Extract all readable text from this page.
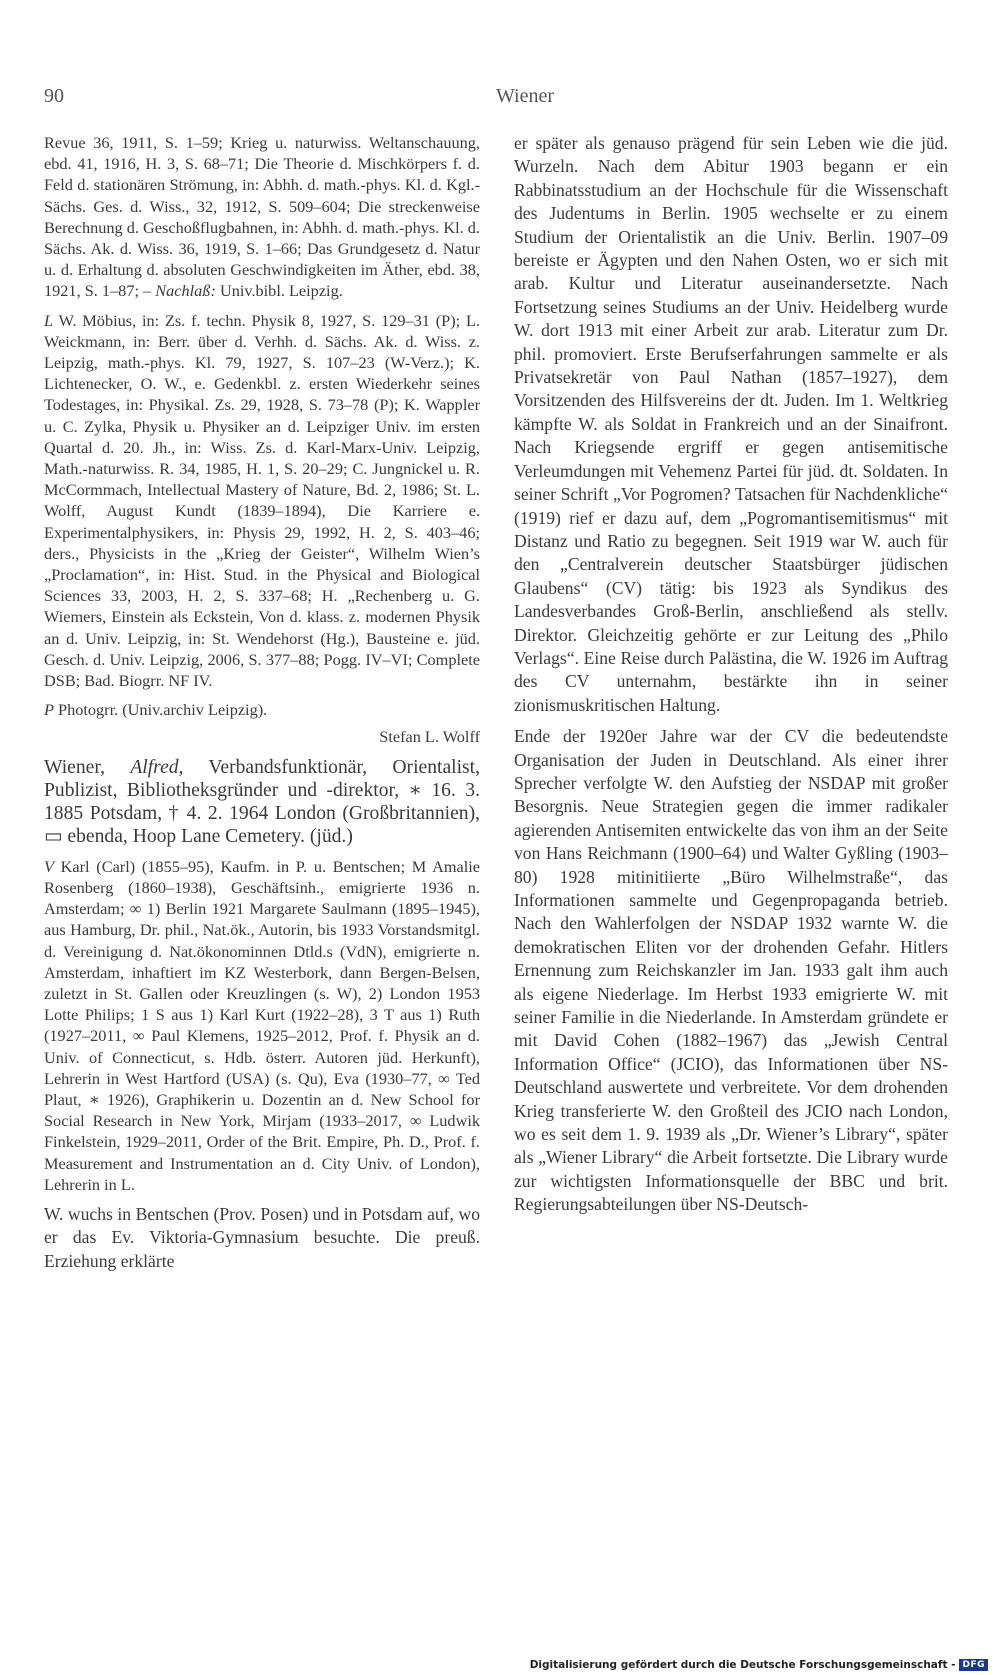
90	Wiener

Revue 36, 1911, S. 1–59; Krieg u. naturwiss. Weltanschauung, ebd. 41, 1916, H. 3, S. 68–71; Die Theorie d. Mischkörpers f. d. Feld d. stationären Strömung, in: Abhh. d. math.-phys. Kl. d. Kgl.-Sächs. Ges. d. Wiss., 32, 1912, S. 509–604; Die streckenweise Berechnung d. Geschoßflugbahnen, in: Abhh. d. math.-phys. Kl. d. Sächs. Ak. d. Wiss. 36, 1919, S. 1–66; Das Grundgesetz d. Natur u. d. Erhaltung d. absoluten Geschwindigkeiten im Äther, ebd. 38, 1921, S. 1–87; – Nachlaß: Univ.bibl. Leipzig.

L W. Möbius, in: Zs. f. techn. Physik 8, 1927, S. 129–31 (P); L. Weickmann, in: Berr. über d. Verhh. d. Sächs. Ak. d. Wiss. z. Leipzig, math.-phys. Kl. 79, 1927, S. 107–23 (W-Verz.); K. Lichtenecker, O. W., e. Gedenkbl. z. ersten Wiederkehr seines Todestages, in: Physikal. Zs. 29, 1928, S. 73–78 (P); K. Wappler u. C. Zylka, Physik u. Physiker an d. Leipziger Univ. im ersten Quartal d. 20. Jh., in: Wiss. Zs. d. Karl-Marx-Univ. Leipzig, Math.-naturwiss. R. 34, 1985, H. 1, S. 20–29; C. Jungnickel u. R. McCormmach, Intellectual Mastery of Nature, Bd. 2, 1986; St. L. Wolff, August Kundt (1839–1894), Die Karriere e. Experimentalphysikers, in: Physis 29, 1992, H. 2, S. 403–46; ders., Physicists in the „Krieg der Geister“, Wilhelm Wien’s „Proclamation“, in: Hist. Stud. in the Physical and Biological Sciences 33, 2003, H. 2, S. 337–68; H. „Rechenberg u. G. Wiemers, Einstein als Eckstein, Von d. klass. z. modernen Physik an d. Univ. Leipzig, in: St. Wendehorst (Hg.), Bausteine e. jüd. Gesch. d. Univ. Leipzig, 2006, S. 377–88; Pogg. IV–VI; Complete DSB; Bad. Biogrr. NF IV.

P Photogrr. (Univ.archiv Leipzig).

Stefan L. Wolff

Wiener, Alfred, Verbandsfunktionär, Orientalist, Publizist, Bibliotheksgründer und -direktor, ∗ 16. 3. 1885 Potsdam, † 4. 2. 1964 London (Großbritannien), ▭ ebenda, Hoop Lane Cemetery. (jüd.)

V Karl (Carl) (1855–95), Kaufm. in P. u. Bentschen; M Amalie Rosenberg (1860–1938), Geschäftsinh., emigrierte 1936 n. Amsterdam; ∞ 1) Berlin 1921 Margarete Saulmann (1895–1945), aus Hamburg, Dr. phil., Nat.ök., Autorin, bis 1933 Vorstandsmitgl. d. Vereinigung d. Nat.ökonominnen Dtld.s (VdN), emigrierte n. Amsterdam, inhaftiert im KZ Westerbork, dann Bergen-Belsen, zuletzt in St. Gallen oder Kreuzlingen (s. W), 2) London 1953 Lotte Philips; 1 S aus 1) Karl Kurt (1922–28), 3 T aus 1) Ruth (1927–2011, ∞ Paul Klemens, 1925–2012, Prof. f. Physik an d. Univ. of Connecticut, s. Hdb. österr. Autoren jüd. Herkunft), Lehrerin in West Hartford (USA) (s. Qu), Eva (1930–77, ∞ Ted Plaut, ∗ 1926), Graphikerin u. Dozentin an d. New School for Social Research in New York, Mirjam (1933–2017, ∞ Ludwik Finkelstein, 1929–2011, Order of the Brit. Empire, Ph. D., Prof. f. Measurement and Instrumentation an d. City Univ. of London), Lehrerin in L.

W. wuchs in Bentschen (Prov. Posen) und in Potsdam auf, wo er das Ev. Viktoria-Gymnasium besuchte. Die preuß. Erziehung erklärte

er später als genauso prägend für sein Leben wie die jüd. Wurzeln. Nach dem Abitur 1903 begann er ein Rabbinatsstudium an der Hochschule für die Wissenschaft des Judentums in Berlin. 1905 wechselte er zu einem Studium der Orientalistik an die Univ. Berlin. 1907–09 bereiste er Ägypten und den Nahen Osten, wo er sich mit arab. Kultur und Literatur auseinandersetzte. Nach Fortsetzung seines Studiums an der Univ. Heidelberg wurde W. dort 1913 mit einer Arbeit zur arab. Literatur zum Dr. phil. promoviert. Erste Berufserfahrungen sammelte er als Privatsekretär von Paul Nathan (1857–1927), dem Vorsitzenden des Hilfsvereins der dt. Juden. Im 1. Weltkrieg kämpfte W. als Soldat in Frankreich und an der Sinaifront. Nach Kriegsende ergriff er gegen antisemitische Verleumdungen mit Vehemenz Partei für jüd. dt. Soldaten. In seiner Schrift „Vor Pogromen? Tatsachen für Nachdenkliche“ (1919) rief er dazu auf, dem „Pogromantisemitismus“ mit Distanz und Ratio zu begegnen. Seit 1919 war W. auch für den „Centralverein deutscher Staatsbürger jüdischen Glaubens“ (CV) tätig: bis 1923 als Syndikus des Landesverbandes Groß-Berlin, anschließend als stellv. Direktor. Gleichzeitig gehörte er zur Leitung des „Philo Verlags“. Eine Reise durch Palästina, die W. 1926 im Auftrag des CV unternahm, bestärkte ihn in seiner zionismuskritischen Haltung.

Ende der 1920er Jahre war der CV die bedeutendste Organisation der Juden in Deutschland. Als einer ihrer Sprecher verfolgte W. den Aufstieg der NSDAP mit großer Besorgnis. Neue Strategien gegen die immer radikaler agierenden Antisemiten entwickelte das von ihm an der Seite von Hans Reichmann (1900–64) und Walter Gyßling (1903–80) 1928 mitinitiierte „Büro Wilhelmstraße“, das Informationen sammelte und Gegenpropaganda betrieb. Nach den Wahlerfolgen der NSDAP 1932 warnte W. die demokratischen Eliten vor der drohenden Gefahr. Hitlers Ernennung zum Reichskanzler im Jan. 1933 galt ihm auch als eigene Niederlage. Im Herbst 1933 emigrierte W. mit seiner Familie in die Niederlande. In Amsterdam gründete er mit David Cohen (1882–1967) das „Jewish Central Information Office“ (JCIO), das Informationen über NS-Deutschland auswertete und verbreitete. Vor dem drohenden Krieg transferierte W. den Großteil des JCIO nach London, wo es seit dem 1. 9. 1939 als „Dr. Wiener’s Library“, später als „Wiener Library“ die Arbeit fortsetzte. Die Library wurde zur wichtigsten Informationsquelle der BBC und brit. Regierungsabteilungen über NS-Deutsch-

Digitalisierung gefördert durch die Deutsche Forschungsgemeinschaft - DFG
